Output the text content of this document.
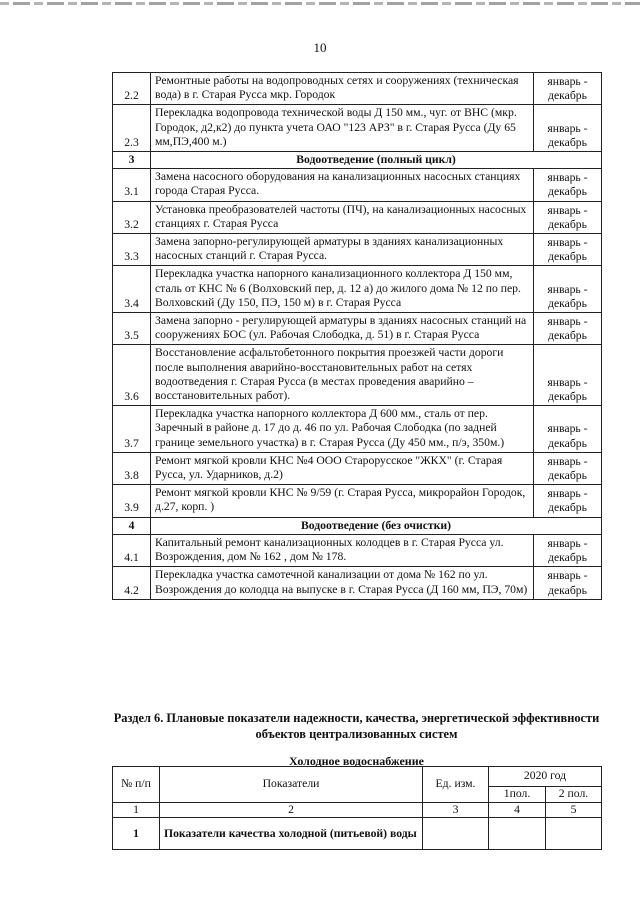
10
2.2	Ремонтные работы на водопроводных сетях и сооружениях (техническая вода) в г. Старая Русса мкр. Городок	январь - декабрь
2.3	Перекладка водопровода технической воды Д 150 мм., чуг. от ВНС (мкр. Городок, д2,к2) до пункта учета ОАО "123 АРЗ" в г. Старая Русса (Ду 65 мм,ПЭ,400 м.)	январь - декабрь
3	Водоотведение (полный цикл)	
3.1	Замена насосного оборудования на канализационных насосных станциях города Старая Русса.	январь - декабрь
3.2	Установка преобразователей частоты (ПЧ), на канализационных насосных станциях г. Старая Русса	январь - декабрь
3.3	Замена запорно-регулирующей арматуры в зданиях канализационных насосных станций г. Старая Русса.	январь - декабрь
3.4	Перекладка участка напорного канализационного коллектора Д 150 мм, сталь от КНС № 6 (Волховский пер, д. 12 а) до жилого дома № 12 по пер. Волховский (Ду 150, ПЭ, 150 м) в г. Старая Русса	январь - декабрь
3.5	Замена запорно - регулирующей арматуры в зданиях насосных станций на сооружениях БОС (ул. Рабочая Слободка, д. 51) в г. Старая Русса	январь - декабрь
3.6	Восстановление асфальтобетонного покрытия проезжей части дороги после выполнения аварийно-восстановительных работ на сетях водоотведения г. Старая Русса (в местах проведения аварийно –восстановительных работ).	январь - декабрь
3.7	Перекладка участка напорного коллектора Д 600 мм., сталь от пер. Заречный в районе д. 17 до д. 46 по ул. Рабочая Слободка (по задней границе земельного участка) в г. Старая Русса (Ду 450 мм., п/э, 350м.)	январь - декабрь
3.8	Ремонт мягкой кровли КНС №4 ООО Старорусское "ЖКХ" (г. Старая Русса, ул. Ударников, д.2)	январь - декабрь
3.9	Ремонт мягкой кровли КНС № 9/59 (г. Старая Русса, микрорайон Городок, д.27, корп. )	январь - декабрь
4	Водоотведение (без очистки)	
4.1	Капитальный ремонт канализационных колодцев в г. Старая Русса ул. Возрождения, дом № 162 , дом № 178.	январь - декабрь
4.2	Перекладка участка самотечной канализации от дома № 162 по ул. Возрождения до колодца на выпуске в г. Старая Русса (Д 160 мм, ПЭ, 70м)	январь - декабрь
Раздел 6. Плановые показатели надежности, качества, энергетической эффективности объектов централизованных систем
Холодное водоснабжение
№ п/п	Показатели	Ед. изм.	2020 год	
			1пол.	2 пол.
1	2	3	4	5
1	Показатели качества холодной (питьевой) воды			
